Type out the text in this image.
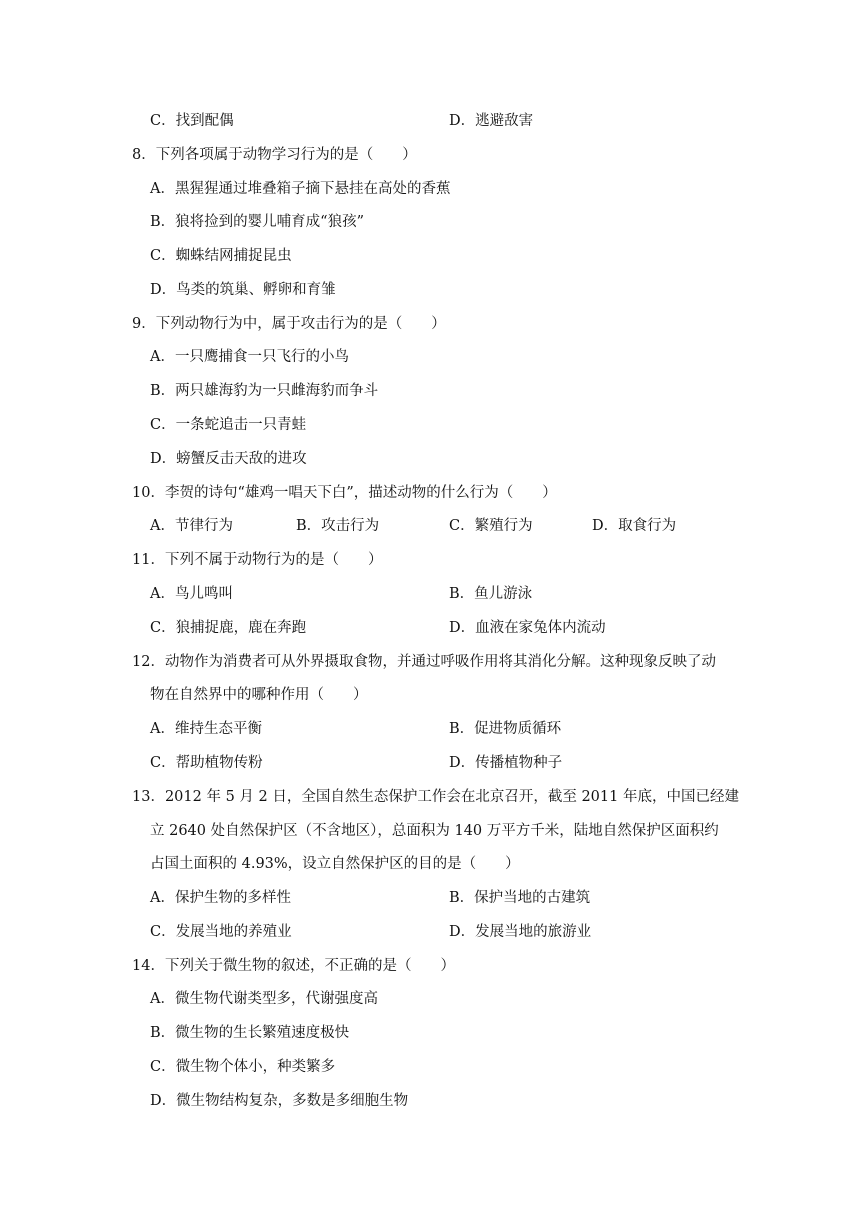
C．找到配偶	D．逃避敌害
8．下列各项属于动物学习行为的是（　　）
A．黑猩猩通过堆叠箱子摘下悬挂在高处的香蕉
B．狼将捡到的婴儿哺育成“狼孩”
C．蜘蛛结网捕捉昆虫
D．鸟类的筑巢、孵卵和育雏
9．下列动物行为中，属于攻击行为的是（　　）
A．一只鹰捕食一只飞行的小鸟
B．两只雄海豹为一只雌海豹而争斗
C．一条蛇追击一只青蛙
D．螃蟹反击天敌的进攻
10．李贺的诗句“雄鸡一唱天下白”，描述动物的什么行为（　　）
A．节律行为	B．攻击行为	C．繁殖行为	D．取食行为
11．下列不属于动物行为的是（　　）
A．鸟儿鸣叫	B．鱼儿游泳
C．狼捕捉鹿，鹿在奔跑	D．血液在家兔体内流动
12．动物作为消费者可从外界摄取食物，并通过呼吸作用将其消化分解。这种现象反映了动
物在自然界中的哪种作用（　　）
A．维持生态平衡	B．促进物质循环
C．帮助植物传粉	D．传播植物种子
13．2012 年 5 月 2 日，全国自然生态保护工作会在北京召开，截至 2011 年底，中国已经建
立 2640 处自然保护区（不含地区），总面积为 140 万平方千米，陆地自然保护区面积约
占国土面积的 4.93%，设立自然保护区的目的是（　　）
A．保护生物的多样性	B．保护当地的古建筑
C．发展当地的养殖业	D．发展当地的旅游业
14．下列关于微生物的叙述，不正确的是（　　）
A．微生物代谢类型多，代谢强度高
B．微生物的生长繁殖速度极快
C．微生物个体小，种类繁多
D．微生物结构复杂，多数是多细胞生物
